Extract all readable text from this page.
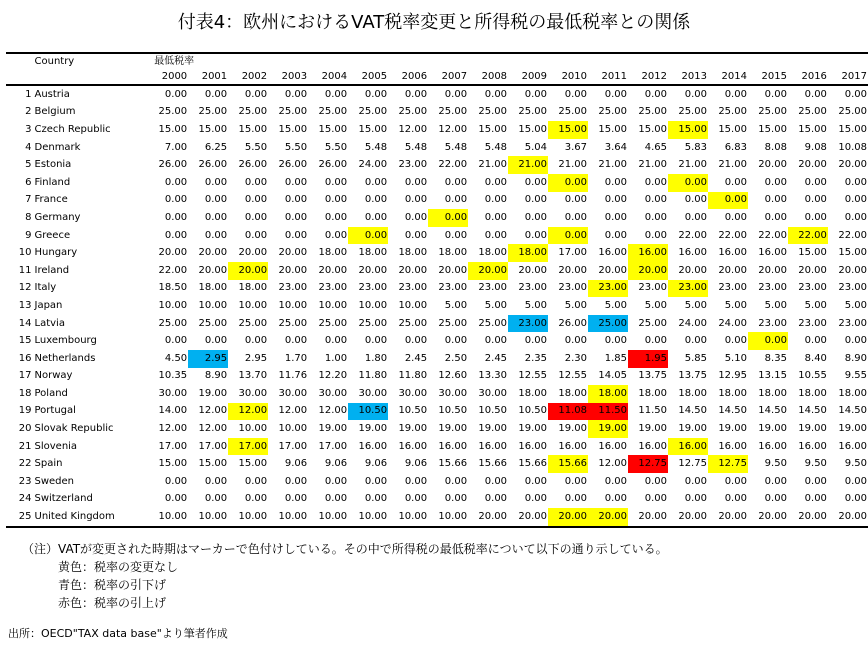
付表4：欧州におけるVAT税率変更と所得税の最低税率との関係

	Country	最低税率																	
		2000	2001	2002	2003	2004	2005	2006	2007	2008	2009	2010	2011	2012	2013	2014	2015	2016	2017
1	Austria	0.00	0.00	0.00	0.00	0.00	0.00	0.00	0.00	0.00	0.00	0.00	0.00	0.00	0.00	0.00	0.00	0.00	0.00
2	Belgium	25.00	25.00	25.00	25.00	25.00	25.00	25.00	25.00	25.00	25.00	25.00	25.00	25.00	25.00	25.00	25.00	25.00	25.00
3	Czech Republic	15.00	15.00	15.00	15.00	15.00	15.00	12.00	12.00	15.00	15.00	15.00	15.00	15.00	15.00	15.00	15.00	15.00	15.00
4	Denmark	7.00	6.25	5.50	5.50	5.50	5.48	5.48	5.48	5.48	5.04	3.67	3.64	4.65	5.83	6.83	8.08	9.08	10.08
5	Estonia	26.00	26.00	26.00	26.00	26.00	24.00	23.00	22.00	21.00	21.00	21.00	21.00	21.00	21.00	21.00	20.00	20.00	20.00
6	Finland	0.00	0.00	0.00	0.00	0.00	0.00	0.00	0.00	0.00	0.00	0.00	0.00	0.00	0.00	0.00	0.00	0.00	0.00
7	France	0.00	0.00	0.00	0.00	0.00	0.00	0.00	0.00	0.00	0.00	0.00	0.00	0.00	0.00	0.00	0.00	0.00	0.00
8	Germany	0.00	0.00	0.00	0.00	0.00	0.00	0.00	0.00	0.00	0.00	0.00	0.00	0.00	0.00	0.00	0.00	0.00	0.00
9	Greece	0.00	0.00	0.00	0.00	0.00	0.00	0.00	0.00	0.00	0.00	0.00	0.00	0.00	22.00	22.00	22.00	22.00	22.00
10	Hungary	20.00	20.00	20.00	20.00	18.00	18.00	18.00	18.00	18.00	18.00	17.00	16.00	16.00	16.00	16.00	16.00	15.00	15.00
11	Ireland	22.00	20.00	20.00	20.00	20.00	20.00	20.00	20.00	20.00	20.00	20.00	20.00	20.00	20.00	20.00	20.00	20.00	20.00
12	Italy	18.50	18.00	18.00	23.00	23.00	23.00	23.00	23.00	23.00	23.00	23.00	23.00	23.00	23.00	23.00	23.00	23.00	23.00
13	Japan	10.00	10.00	10.00	10.00	10.00	10.00	10.00	5.00	5.00	5.00	5.00	5.00	5.00	5.00	5.00	5.00	5.00	5.00
14	Latvia	25.00	25.00	25.00	25.00	25.00	25.00	25.00	25.00	25.00	23.00	26.00	25.00	25.00	24.00	24.00	23.00	23.00	23.00
15	Luxembourg	0.00	0.00	0.00	0.00	0.00	0.00	0.00	0.00	0.00	0.00	0.00	0.00	0.00	0.00	0.00	0.00	0.00	0.00
16	Netherlands	4.50	2.95	2.95	1.70	1.00	1.80	2.45	2.50	2.45	2.35	2.30	1.85	1.95	5.85	5.10	8.35	8.40	8.90
17	Norway	10.35	8.90	13.70	11.76	12.20	11.80	11.80	12.60	13.30	12.55	12.55	14.05	13.75	13.75	12.95	13.15	10.55	9.55
18	Poland	30.00	19.00	30.00	30.00	30.00	30.00	30.00	30.00	30.00	18.00	18.00	18.00	18.00	18.00	18.00	18.00	18.00	18.00
19	Portugal	14.00	12.00	12.00	12.00	12.00	10.50	10.50	10.50	10.50	10.50	11.08	11.50	11.50	14.50	14.50	14.50	14.50	14.50
20	Slovak Republic	12.00	12.00	10.00	10.00	19.00	19.00	19.00	19.00	19.00	19.00	19.00	19.00	19.00	19.00	19.00	19.00	19.00	19.00
21	Slovenia	17.00	17.00	17.00	17.00	17.00	16.00	16.00	16.00	16.00	16.00	16.00	16.00	16.00	16.00	16.00	16.00	16.00	16.00
22	Spain	15.00	15.00	15.00	9.06	9.06	9.06	9.06	15.66	15.66	15.66	15.66	12.00	12.75	12.75	12.75	9.50	9.50	9.50
23	Sweden	0.00	0.00	0.00	0.00	0.00	0.00	0.00	0.00	0.00	0.00	0.00	0.00	0.00	0.00	0.00	0.00	0.00	0.00
24	Switzerland	0.00	0.00	0.00	0.00	0.00	0.00	0.00	0.00	0.00	0.00	0.00	0.00	0.00	0.00	0.00	0.00	0.00	0.00
25	United Kingdom	10.00	10.00	10.00	10.00	10.00	10.00	10.00	10.00	20.00	20.00	20.00	20.00	20.00	20.00	20.00	20.00	20.00	20.00
（注）VATが変更された時期はマーカーで色付けしている。その中で所得税の最低税率について以下の通り示している。
黄色：税率の変更なし
青色：税率の引下げ
赤色：税率の引上げ
出所：OECD"TAX data base"より筆者作成
